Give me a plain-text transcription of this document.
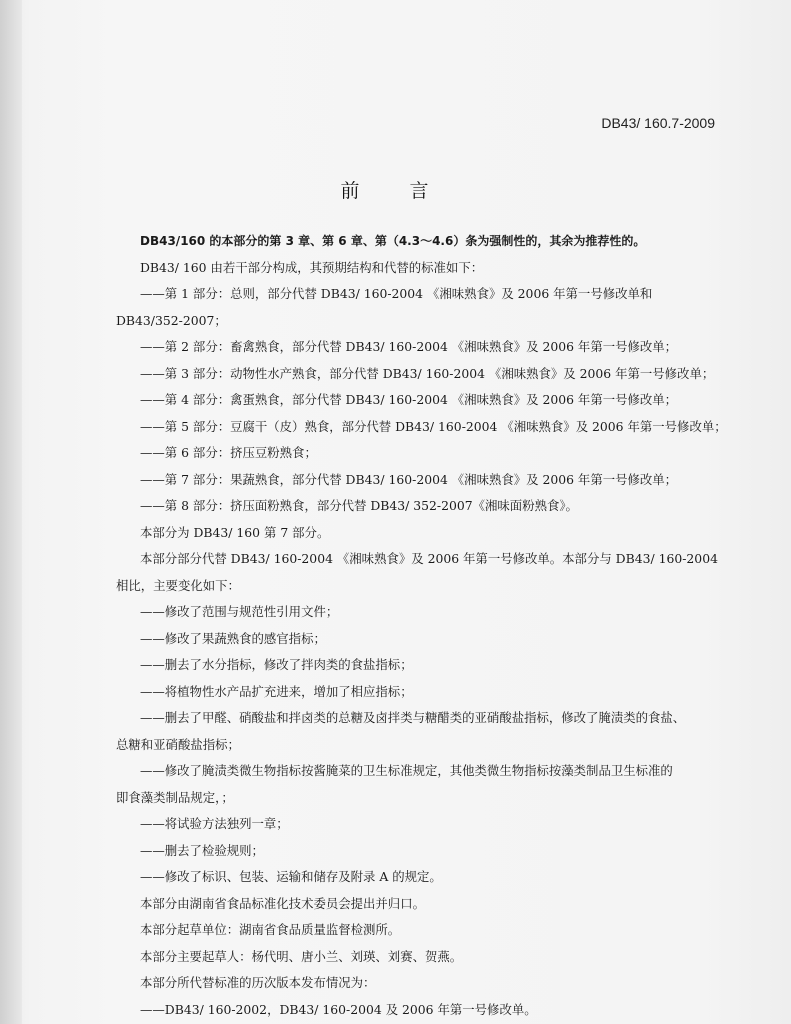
DB43/ 160.7-2009
前 言

DB43/160 的本部分的第 3 章、第 6 章、第（4.3～4.6）条为强制性的，其余为推荐性的。

DB43/ 160 由若干部分构成，其预期结构和代替的标准如下：

——第 1 部分：总则，部分代替 DB43/ 160-2004 《湘味熟食》及 2006 年第一号修改单和

DB43/352-2007；

——第 2 部分：畜禽熟食，部分代替 DB43/ 160-2004 《湘味熟食》及 2006 年第一号修改单；

——第 3 部分：动物性水产熟食，部分代替 DB43/ 160-2004 《湘味熟食》及 2006 年第一号修改单；

——第 4 部分：禽蛋熟食，部分代替 DB43/ 160-2004 《湘味熟食》及 2006 年第一号修改单；

——第 5 部分：豆腐干（皮）熟食，部分代替 DB43/ 160-2004 《湘味熟食》及 2006 年第一号修改单；

——第 6 部分：挤压豆粉熟食；

——第 7 部分：果蔬熟食，部分代替 DB43/ 160-2004 《湘味熟食》及 2006 年第一号修改单；

——第 8 部分：挤压面粉熟食，部分代替 DB43/ 352-2007《湘味面粉熟食》。

本部分为 DB43/ 160 第 7 部分。

本部分部分代替 DB43/ 160-2004 《湘味熟食》及 2006 年第一号修改单。本部分与 DB43/ 160-2004

相比，主要变化如下：

——修改了范围与规范性引用文件；

——修改了果蔬熟食的感官指标；

——删去了水分指标，修改了拌肉类的食盐指标；

——将植物性水产品扩充进来，增加了相应指标；

——删去了甲醛、硝酸盐和拌卤类的总糖及卤拌类与糖醋类的亚硝酸盐指标，修改了腌渍类的食盐、

总糖和亚硝酸盐指标；

——修改了腌渍类微生物指标按酱腌菜的卫生标准规定，其他类微生物指标按藻类制品卫生标准的

即食藻类制品规定，；

——将试验方法独列一章；

——删去了检验规则；

——修改了标识、包装、运输和储存及附录 A 的规定。

本部分由湖南省食品标准化技术委员会提出并归口。

本部分起草单位：湖南省食品质量监督检测所。

本部分主要起草人：杨代明、唐小兰、刘瑛、刘赛、贺燕。

本部分所代替标准的历次版本发布情况为：

——DB43/ 160-2002，DB43/ 160-2004 及 2006 年第一号修改单。
